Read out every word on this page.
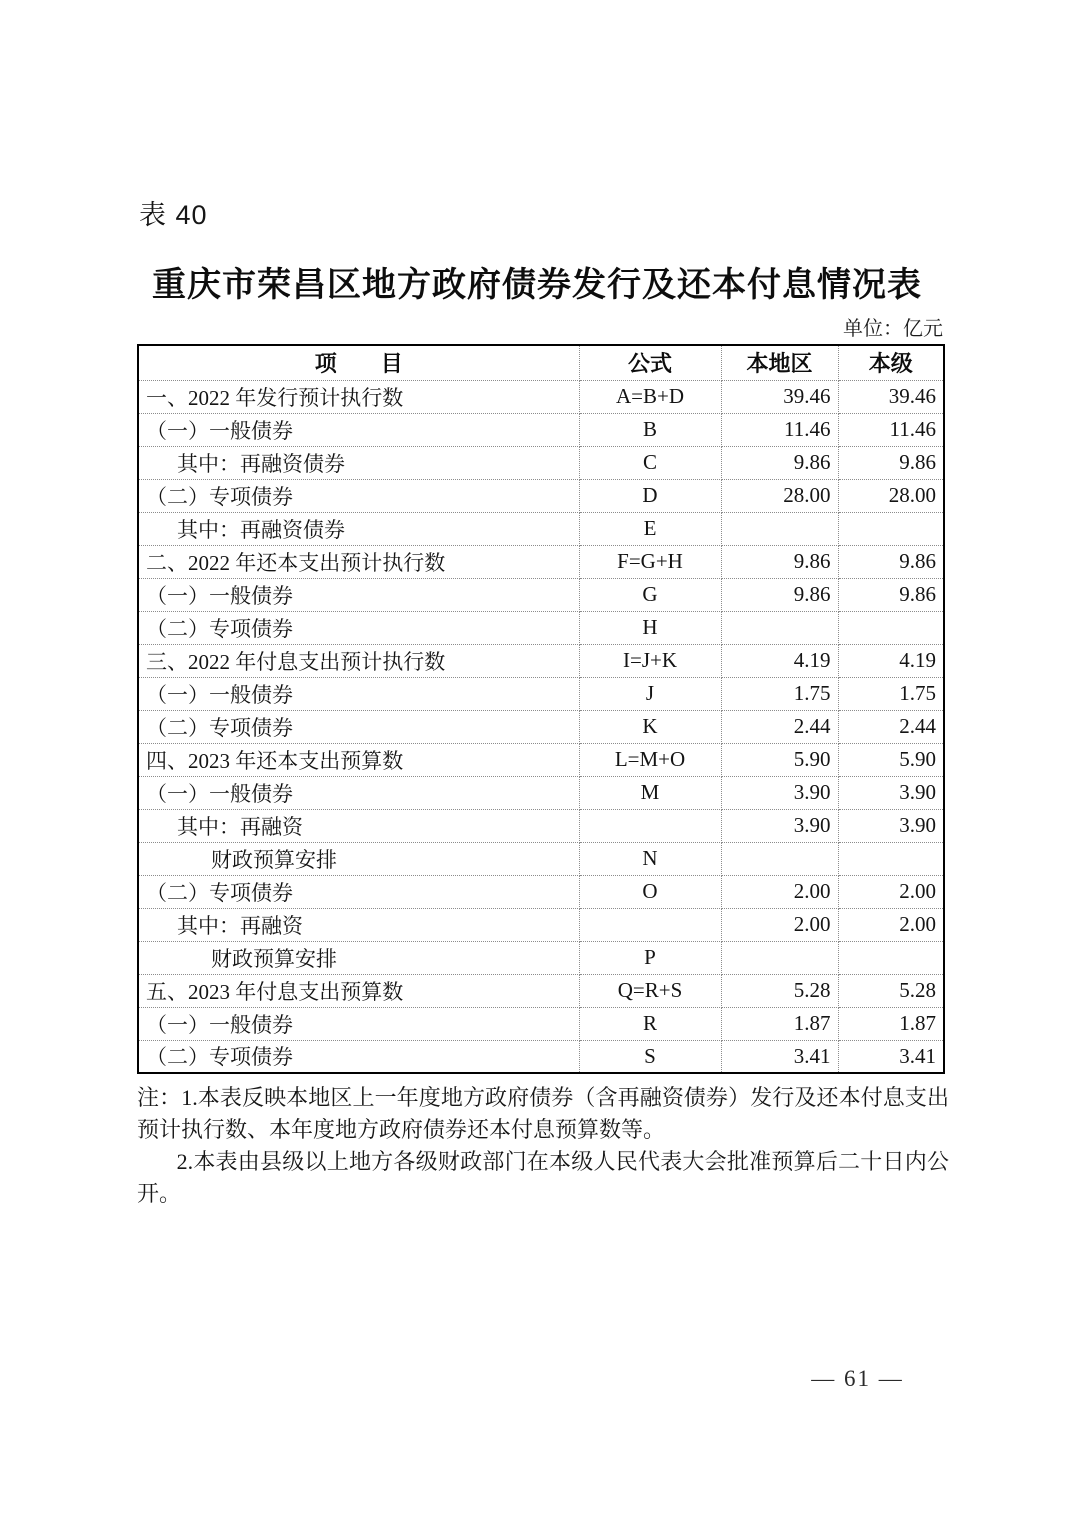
表 40
重庆市荣昌区地方政府债券发行及还本付息情况表
单位：亿元
项　　目	公式	本地区	本级
一、2022 年发行预计执行数	A=B+D	39.46	39.46
（一）一般债券	B	11.46	11.46
其中：再融资债券	C	9.86	9.86
（二）专项债券	D	28.00	28.00
其中：再融资债券	E		
二、2022 年还本支出预计执行数	F=G+H	9.86	9.86
（一）一般债券	G	9.86	9.86
（二）专项债券	H		
三、2022 年付息支出预计执行数	I=J+K	4.19	4.19
（一）一般债券	J	1.75	1.75
（二）专项债券	K	2.44	2.44
四、2023 年还本支出预算数	L=M+O	5.90	5.90
（一）一般债券	M	3.90	3.90
其中：再融资		3.90	3.90
财政预算安排	N		
（二）专项债券	O	2.00	2.00
其中：再融资		2.00	2.00
财政预算安排	P		
五、2023 年付息支出预算数	Q=R+S	5.28	5.28
（一）一般债券	R	1.87	1.87
（二）专项债券	S	3.41	3.41

注：1.本表反映本地区上一年度地方政府债券（含再融资债券）发行及还本付息支出预计执行数、本年度地方政府债券还本付息预算数等。

2.本表由县级以上地方各级财政部门在本级人民代表大会批准预算后二十日内公开。

— 61 —
